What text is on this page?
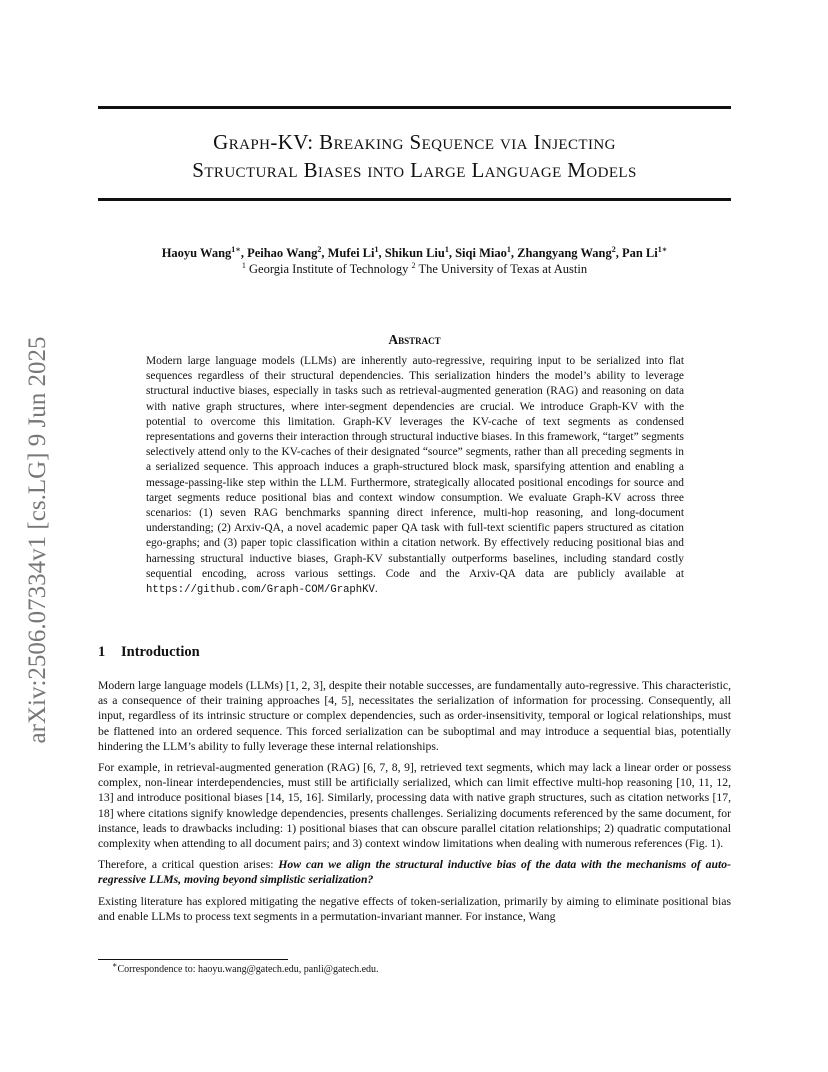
arXiv:2506.07334v1 [cs.LG] 9 Jun 2025
Graph-KV: Breaking Sequence via Injecting
Structural Biases into Large Language Models
Haoyu Wang$^{1∗}$, Peihao Wang$^2$, Mufei Li$^1$, Shikun Liu$^1$, Siqi Miao$^1$, Zhangyang Wang$^2$, Pan $Li^{1∗}$
$^1$ Georgia Institute of Technology $^2$ The University of Texas at Austin
Abstract
Modern large language models (LLMs) are inherently auto-regressive, requiring input to be serialized into flat sequences regardless of their structural dependencies. This serialization hinders the model’s ability to leverage structural inductive biases, especially in tasks such as retrieval-augmented generation (RAG) and reasoning on data with native graph structures, where inter-segment dependencies are crucial. We introduce Graph-KV with the potential to overcome this limitation. Graph-KV leverages the KV-cache of text segments as condensed representations and governs their interaction through structural inductive biases. In this framework, “target” segments selectively attend only to the KV-caches of their designated “source” segments, rather than all preceding segments in a serialized sequence. This approach induces a graph-structured block mask, sparsifying attention and enabling a message-passing-like step within the LLM. Furthermore, strategically allocated positional encodings for source and target segments reduce positional bias and context window consumption. We evaluate Graph-KV across three scenarios: (1) seven RAG benchmarks spanning direct inference, multi-hop reasoning, and long-document understanding; (2) Arxiv-QA, a novel academic paper QA task with full-text scientific papers structured as citation ego-graphs; and (3) paper topic classification within a citation network. By effectively reducing positional bias and harnessing structural inductive biases, Graph-KV substantially outperforms baselines, including standard costly sequential encoding, across various settings. Code and the Arxiv-QA data are publicly available at https://github.com/Graph-COM/GraphKV.
1 Introduction

Modern large language models (LLMs) [1, 2, 3], despite their notable successes, are fundamentally auto-regressive. This characteristic, as a consequence of their training approaches [4, 5], necessitates the serialization of information for processing. Consequently, all input, regardless of its intrinsic structure or complex dependencies, such as order-insensitivity, temporal or logical relationships, must be flattened into an ordered sequence. This forced serialization can be suboptimal and may introduce a sequential bias, potentially hindering the LLM’s ability to fully leverage these internal relationships.

For example, in retrieval-augmented generation (RAG) [6, 7, 8, 9], retrieved text segments, which may lack a linear order or possess complex, non-linear interdependencies, must still be artificially serialized, which can limit effective multi-hop reasoning [10, 11, 12, 13] and introduce positional biases [14, 15, 16]. Similarly, processing data with native graph structures, such as citation networks [17, 18] where citations signify knowledge dependencies, presents challenges. Serializing documents referenced by the same document, for instance, leads to drawbacks including: 1) positional biases that can obscure parallel citation relationships; 2) quadratic computational complexity when attending to all document pairs; and 3) context window limitations when dealing with numerous references (Fig. 1).

Therefore, a critical question arises: How can we align the structural inductive bias of the data with the mechanisms of auto-regressive LLMs, moving beyond simplistic serialization?

Existing literature has explored mitigating the negative effects of token-serialization, primarily by aiming to eliminate positional bias and enable LLMs to process text segments in a permutation-invariant manner. For instance, Wang

∗Correspondence to: haoyu.wang@gatech.edu, panli@gatech.edu.
